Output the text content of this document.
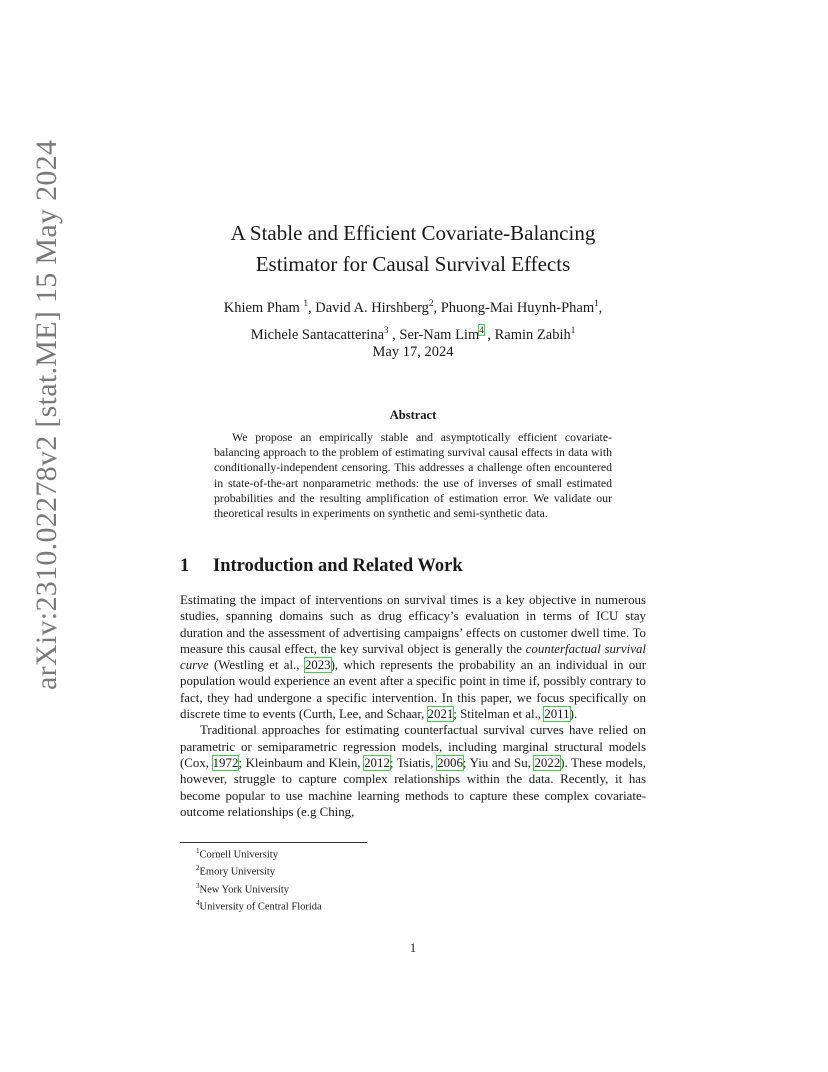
arXiv:2310.02278v2 [stat.ME] 15 May 2024	A Stable and Efficient Covariate-Balancing
Estimator for Causal Survival Effects
Khiem Pham $^1$, David A. Hirshberg$^2$, Phuong-Mai Huynh-Pham$^1$,
Michele Santacatterina$^3$ , Ser-Nam Lim$^4$ , Ramin Zabih$^1$
May 17, 2024
Abstract
We propose an empirically stable and asymptotically efficient covariate-balancing approach to the problem of estimating survival causal effects in data with conditionally-independent censoring. This addresses a challenge often encountered in state-of-the-art nonparametric methods: the use of inverses of small estimated probabilities and the resulting amplification of estimation error. We validate our theoretical results in experiments on synthetic and semi-synthetic data.
1 Introduction and Related Work

Estimating the impact of interventions on survival times is a key objective in numerous studies, spanning domains such as drug efficacy’s evaluation in terms of ICU stay duration and the assessment of advertising campaigns’ effects on customer dwell time. To measure this causal effect, the key survival object is generally the counterfactual survival curve (Westling et al., 2023), which represents the probability an an individual in our population would experience an event after a specific point in time if, possibly contrary to fact, they had undergone a specific intervention. In this paper, we focus specifically on discrete time to events (Curth, Lee, and Schaar, 2021; Stitelman et al., 2011).

Traditional approaches for estimating counterfactual survival curves have relied on parametric or semiparametric regression models, including marginal structural models (Cox, 1972; Kleinbaum and Klein, 2012; Tsiatis, 2006; Yiu and Su, 2022). These models, however, struggle to capture complex relationships within the data. Recently, it has become popular to use machine learning methods to capture these complex covariate-outcome relationships (e.g Ching,

$^1$Cornell University
$^2$Emory University
$^3$New York University
$^4$University of Central Florida
1
